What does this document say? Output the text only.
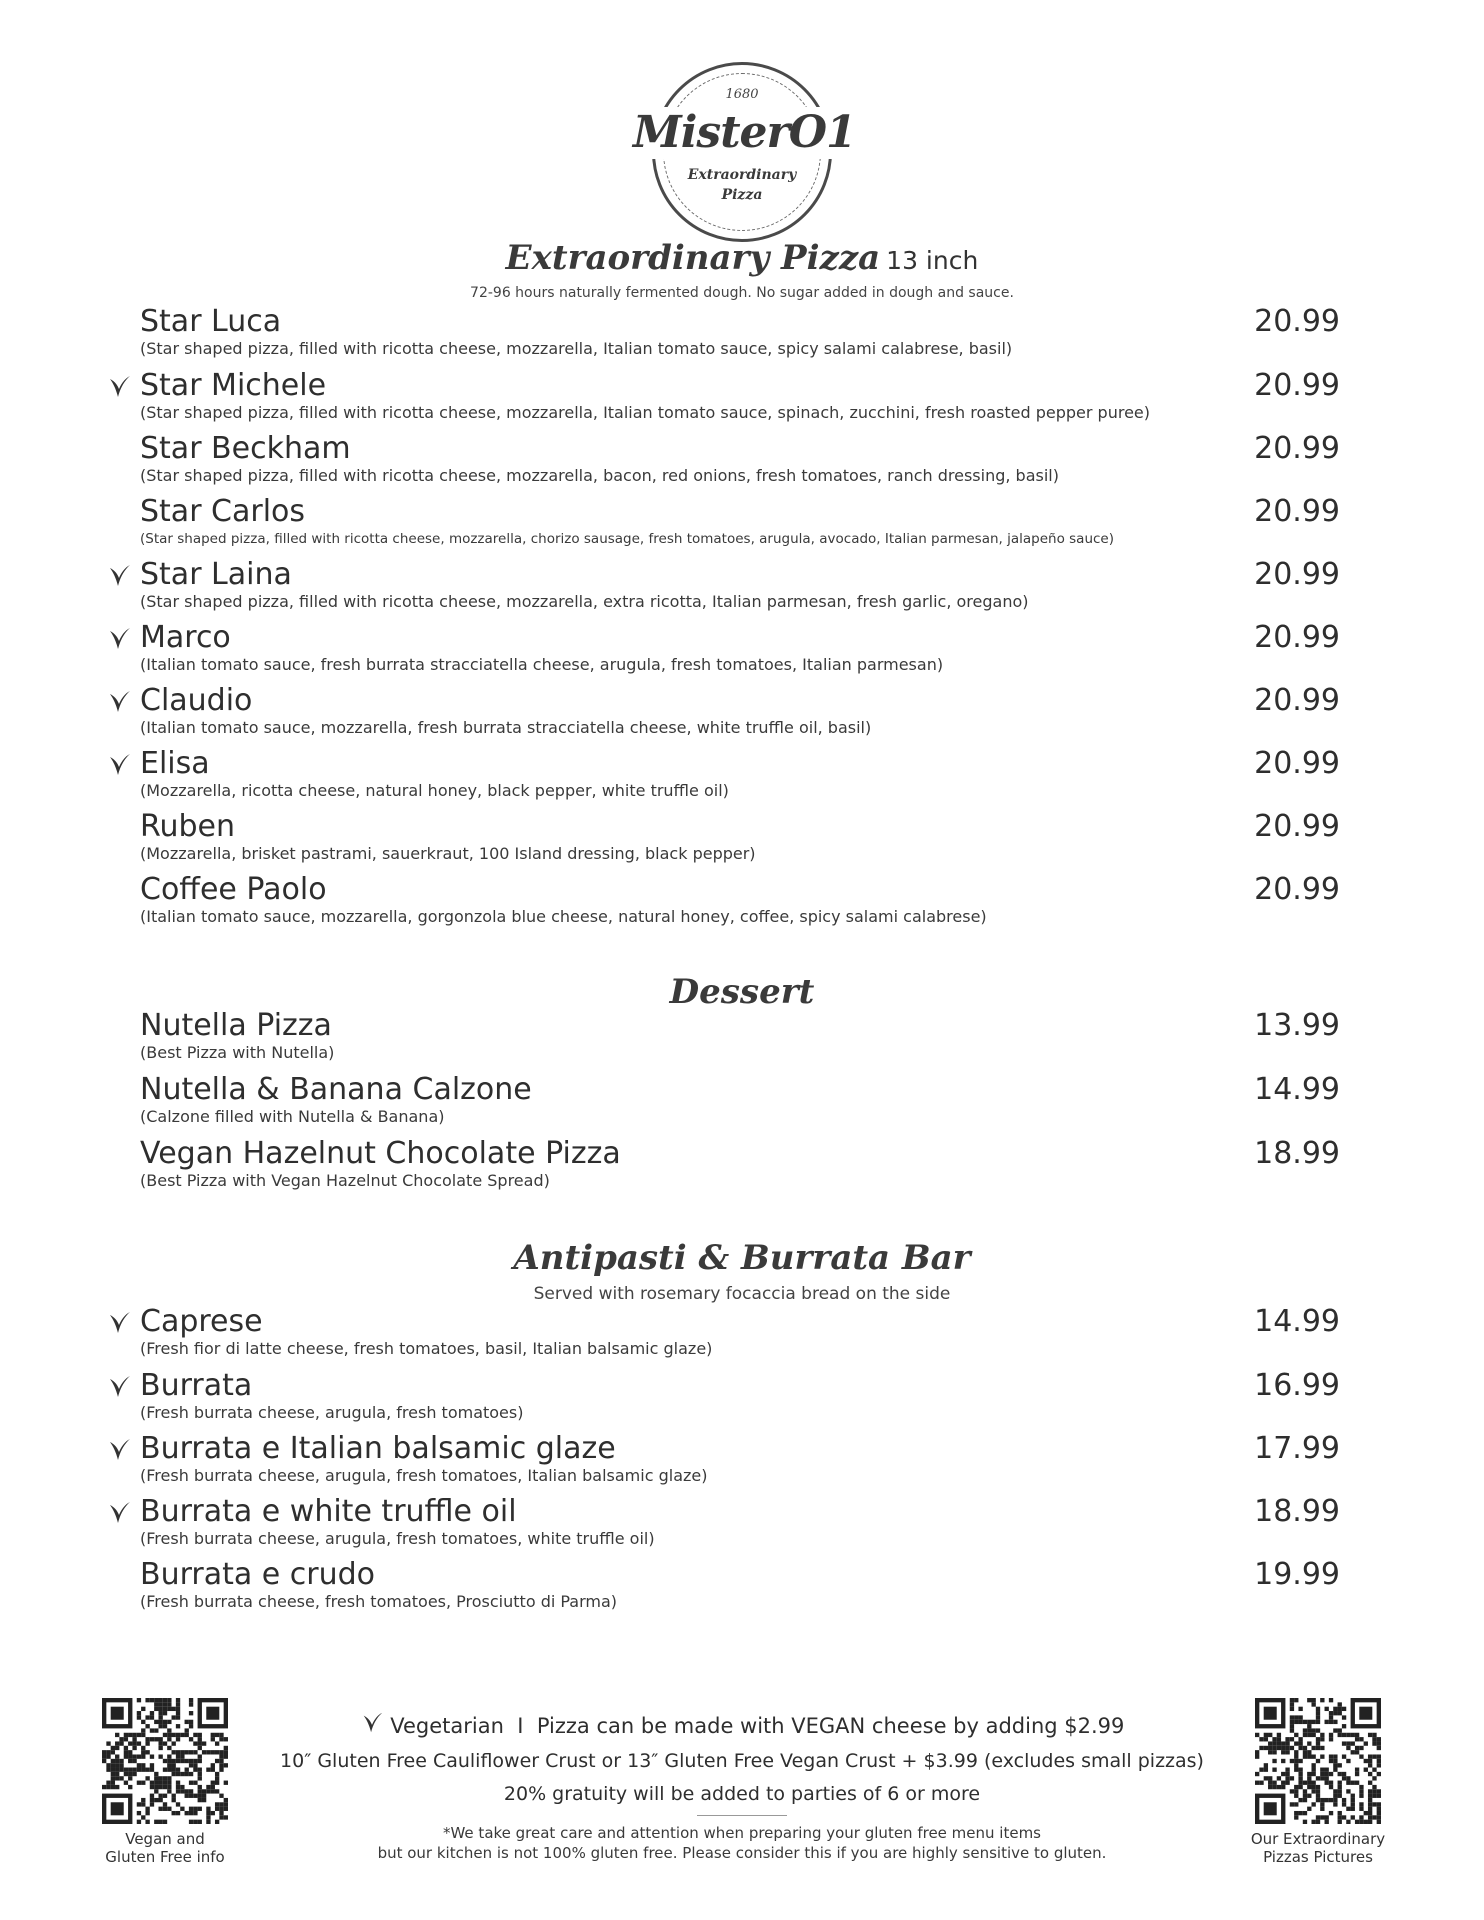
1680
MisterO1
Extraordinary
Pizza
Extraordinary Pizza 13 inch
72-96 hours naturally fermented dough. No sugar added in dough and sauce.
Star Luca
(Star shaped pizza, filled with ricotta cheese, mozzarella, Italian tomato sauce, spicy salami calabrese, basil)
20.99
Star Michele
(Star shaped pizza, filled with ricotta cheese, mozzarella, Italian tomato sauce, spinach, zucchini, fresh roasted pepper puree)
20.99
Star Beckham
(Star shaped pizza, filled with ricotta cheese, mozzarella, bacon, red onions, fresh tomatoes, ranch dressing, basil)
20.99
Star Carlos
(Star shaped pizza, filled with ricotta cheese, mozzarella, chorizo sausage, fresh tomatoes, arugula, avocado, Italian parmesan, jalapeño sauce)
20.99
Star Laina
(Star shaped pizza, filled with ricotta cheese, mozzarella, extra ricotta, Italian parmesan, fresh garlic, oregano)
20.99
Marco
(Italian tomato sauce, fresh burrata stracciatella cheese, arugula, fresh tomatoes, Italian parmesan)
20.99
Claudio
(Italian tomato sauce, mozzarella, fresh burrata stracciatella cheese, white truffle oil, basil)
20.99
Elisa
(Mozzarella, ricotta cheese, natural honey, black pepper, white truffle oil)
20.99
Ruben
(Mozzarella, brisket pastrami, sauerkraut, 100 Island dressing, black pepper)
20.99
Coffee Paolo
(Italian tomato sauce, mozzarella, gorgonzola blue cheese, natural honey, coffee, spicy salami calabrese)
20.99
Dessert
Nutella Pizza
(Best Pizza with Nutella)
13.99
Nutella & Banana Calzone
(Calzone filled with Nutella & Banana)
14.99
Vegan Hazelnut Chocolate Pizza
(Best Pizza with Vegan Hazelnut Chocolate Spread)
18.99
Antipasti & Burrata Bar
Served with rosemary focaccia bread on the side
Caprese
(Fresh fior di latte cheese, fresh tomatoes, basil, Italian balsamic glaze)
14.99
Burrata
(Fresh burrata cheese, arugula, fresh tomatoes)
16.99
Burrata e Italian balsamic glaze
(Fresh burrata cheese, arugula, fresh tomatoes, Italian balsamic glaze)
17.99
Burrata e white truffle oil
(Fresh burrata cheese, arugula, fresh tomatoes, white truffle oil)
18.99
Burrata e crudo
(Fresh burrata cheese, fresh tomatoes, Prosciutto di Parma)
19.99
Vegan and
Gluten Free info
Our Extraordinary
Pizzas Pictures
Vegetarian I Pizza can be made with VEGAN cheese by adding $2.99
10″ Gluten Free Cauliflower Crust or 13″ Gluten Free Vegan Crust + $3.99 (excludes small pizzas)
20% gratuity will be added to parties of 6 or more
*We take great care and attention when preparing your gluten free menu items
but our kitchen is not 100% gluten free. Please consider this if you are highly sensitive to gluten.
